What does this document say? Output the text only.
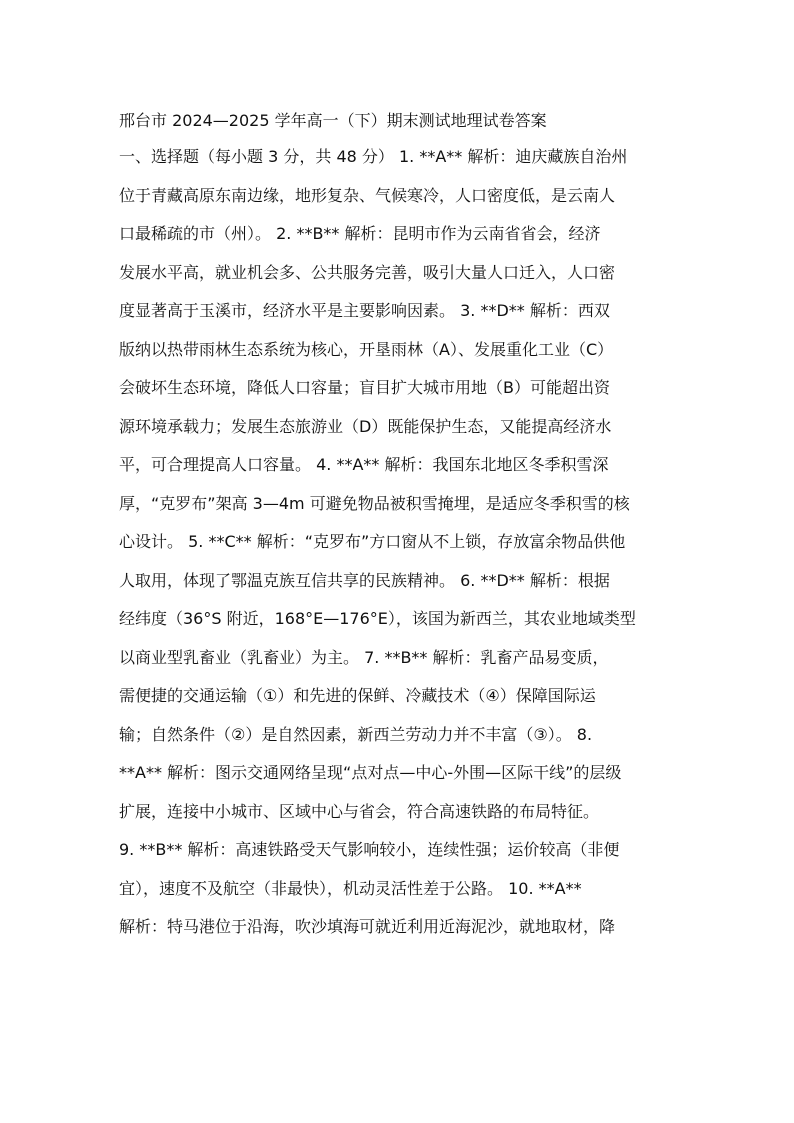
邢台市 2024—2025 学年高一（下）期末测试地理试卷答案
一、选择题（每小题 3 分，共 48 分） 1. **A** 解析：迪庆藏族自治州
位于青藏高原东南边缘，地形复杂、气候寒冷，人口密度低，是云南人
口最稀疏的市（州）。 2. **B** 解析：昆明市作为云南省省会，经济
发展水平高，就业机会多、公共服务完善，吸引大量人口迁入，人口密
度显著高于玉溪市，经济水平是主要影响因素。 3. **D** 解析：西双
版纳以热带雨林生态系统为核心，开垦雨林（A）、发展重化工业（C）
会破坏生态环境，降低人口容量；盲目扩大城市用地（B）可能超出资
源环境承载力；发展生态旅游业（D）既能保护生态，又能提高经济水
平，可合理提高人口容量。 4. **A** 解析：我国东北地区冬季积雪深
厚，“克罗布”架高 3—4m 可避免物品被积雪掩埋，是适应冬季积雪的核
心设计。 5. **C** 解析：“克罗布”方口窗从不上锁，存放富余物品供他
人取用，体现了鄂温克族互信共享的民族精神。 6. **D** 解析：根据
经纬度（36°S 附近，168°E—176°E），该国为新西兰，其农业地域类型
以商业型乳畜业（乳畜业）为主。 7. **B** 解析：乳畜产品易变质，
需便捷的交通运输（①）和先进的保鲜、冷藏技术（④）保障国际运
输；自然条件（②）是自然因素，新西兰劳动力并不丰富（③）。 8.
**A** 解析：图示交通网络呈现“点对点—中心-外围—区际干线”的层级
扩展，连接中小城市、区域中心与省会，符合高速铁路的布局特征。
9. **B** 解析：高速铁路受天气影响较小，连续性强；运价较高（非便
宜），速度不及航空（非最快），机动灵活性差于公路。 10. **A**
解析：特马港位于沿海，吹沙填海可就近利用近海泥沙，就地取材，降
